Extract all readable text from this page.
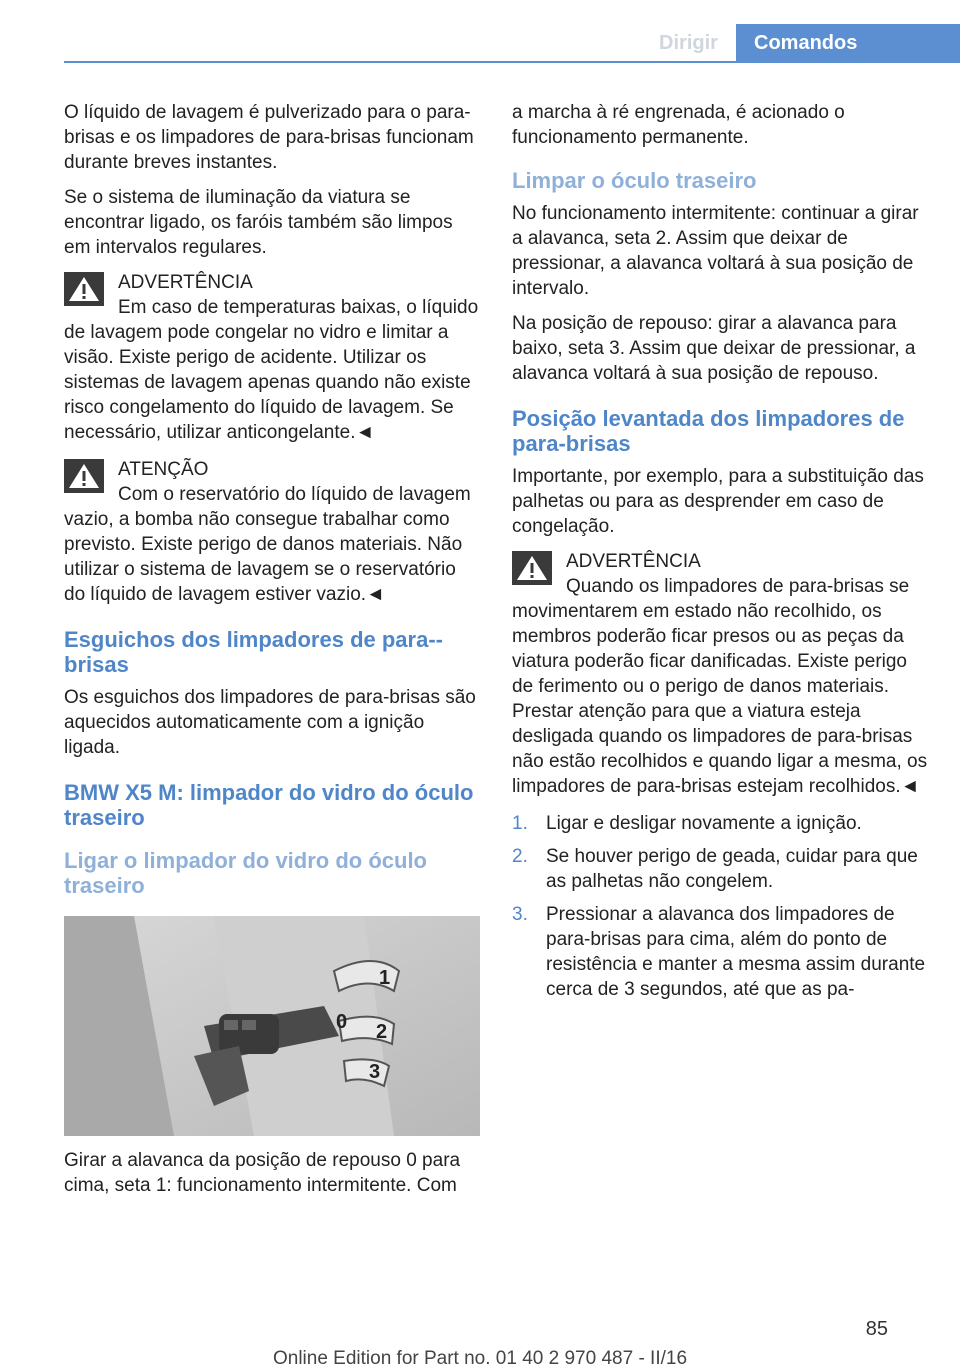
Dirigir	Comandos

O líquido de lavagem é pulverizado para o para-brisas e os limpadores de para-brisas funcionam durante breves instantes.

Se o sistema de iluminação da viatura se encontrar ligado, os faróis também são limpos em intervalos regulares.

ADVERTÊNCIA
Em caso de temperaturas baixas, o líquido de lavagem pode congelar no vidro e limitar a visão. Existe perigo de acidente. Utilizar os sistemas de lavagem apenas quando não existe risco congelamento do líquido de lavagem. Se necessário, utilizar anticongelante.◄
ATENÇÃO
Com o reservatório do líquido de lavagem vazio, a bomba não consegue trabalhar como previsto. Existe perigo de danos materiais. Não utilizar o sistema de lavagem se o reservatório do líquido de lavagem estiver vazio.◄
Esguichos dos limpadores de para--brisas

Os esguichos dos limpadores de para-brisas são aquecidos automaticamente com a ignição ligada.

BMW X5 M: limpador do vidro do óculo traseiro
Ligar o limpador do vidro do óculo traseiro
1
0 2
3

Girar a alavanca da posição de repouso 0 para cima, seta 1: funcionamento intermitente. Com

a marcha à ré engrenada, é acionado o funcionamento permanente.

Limpar o óculo traseiro

No funcionamento intermitente: continuar a girar a alavanca, seta 2. Assim que deixar de pressionar, a alavanca voltará à sua posição de intervalo.

Na posição de repouso: girar a alavanca para baixo, seta 3. Assim que deixar de pressionar, a alavanca voltará à sua posição de repouso.

Posição levantada dos limpadores de para-brisas

Importante, por exemplo, para a substituição das palhetas ou para as desprender em caso de congelação.

ADVERTÊNCIA
Quando os limpadores de para-brisas se movimentarem em estado não recolhido, os membros poderão ficar presos ou as peças da viatura poderão ficar danificadas. Existe perigo de ferimento ou o perigo de danos materiais. Prestar atenção para que a viatura esteja desligada quando os limpadores de para-brisas não estão recolhidos e quando ligar a mesma, os limpadores de para-brisas estejam recolhidos.◄
1. Ligar e desligar novamente a ignição.
2. Se houver perigo de geada, cuidar para que as palhetas não congelem.
3. Pressionar a alavanca dos limpadores de para-brisas para cima, além do ponto de resistência e manter a mesma assim durante cerca de 3 segundos, até que as pa-
85
Online Edition for Part no. 01 40 2 970 487 - II/16
